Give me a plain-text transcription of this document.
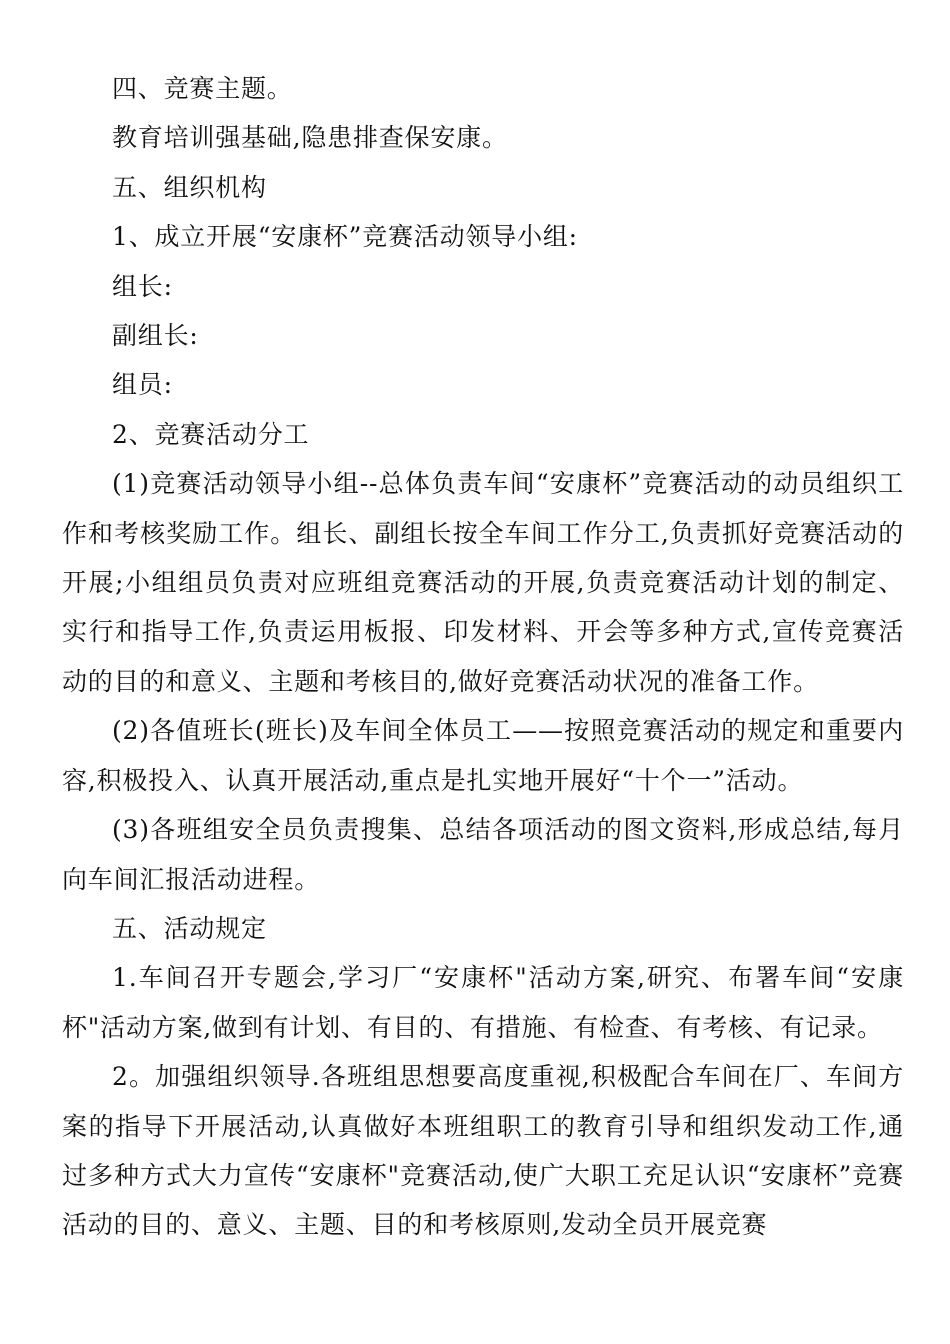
四、竞赛主题。

教育培训强基础,隐患排查保安康。

五、组织机构

1、成立开展“安康杯”竞赛活动领导小组:

组长:

副组长:

组员:

2、竞赛活动分工

(1)竞赛活动领导小组--总体负责车间“安康杯”竞赛活动的动员组织工作和考核奖励工作。组长、副组长按全车间工作分工,负责抓好竞赛活动的开展;小组组员负责对应班组竞赛活动的开展,负责竞赛活动计划的制定、实行和指导工作,负责运用板报、印发材料、开会等多种方式,宣传竞赛活动的目的和意义、主题和考核目的,做好竞赛活动状况的准备工作。

(2)各值班长(班长)及车间全体员工——按照竞赛活动的规定和重要内容,积极投入、认真开展活动,重点是扎实地开展好“十个一”活动。

(3)各班组安全员负责搜集、总结各项活动的图文资料,形成总结,每月向车间汇报活动进程。

五、活动规定

1.车间召开专题会,学习厂“安康杯"活动方案,研究、布署车间“安康杯"活动方案,做到有计划、有目的、有措施、有检查、有考核、有记录。

2。加强组织领导.各班组思想要高度重视,积极配合车间在厂、车间方案的指导下开展活动,认真做好本班组职工的教育引导和组织发动工作,通过多种方式大力宣传“安康杯"竞赛活动,使广大职工充足认识“安康杯”竞赛活动的目的、意义、主题、目的和考核原则,发动全员开展竞赛
